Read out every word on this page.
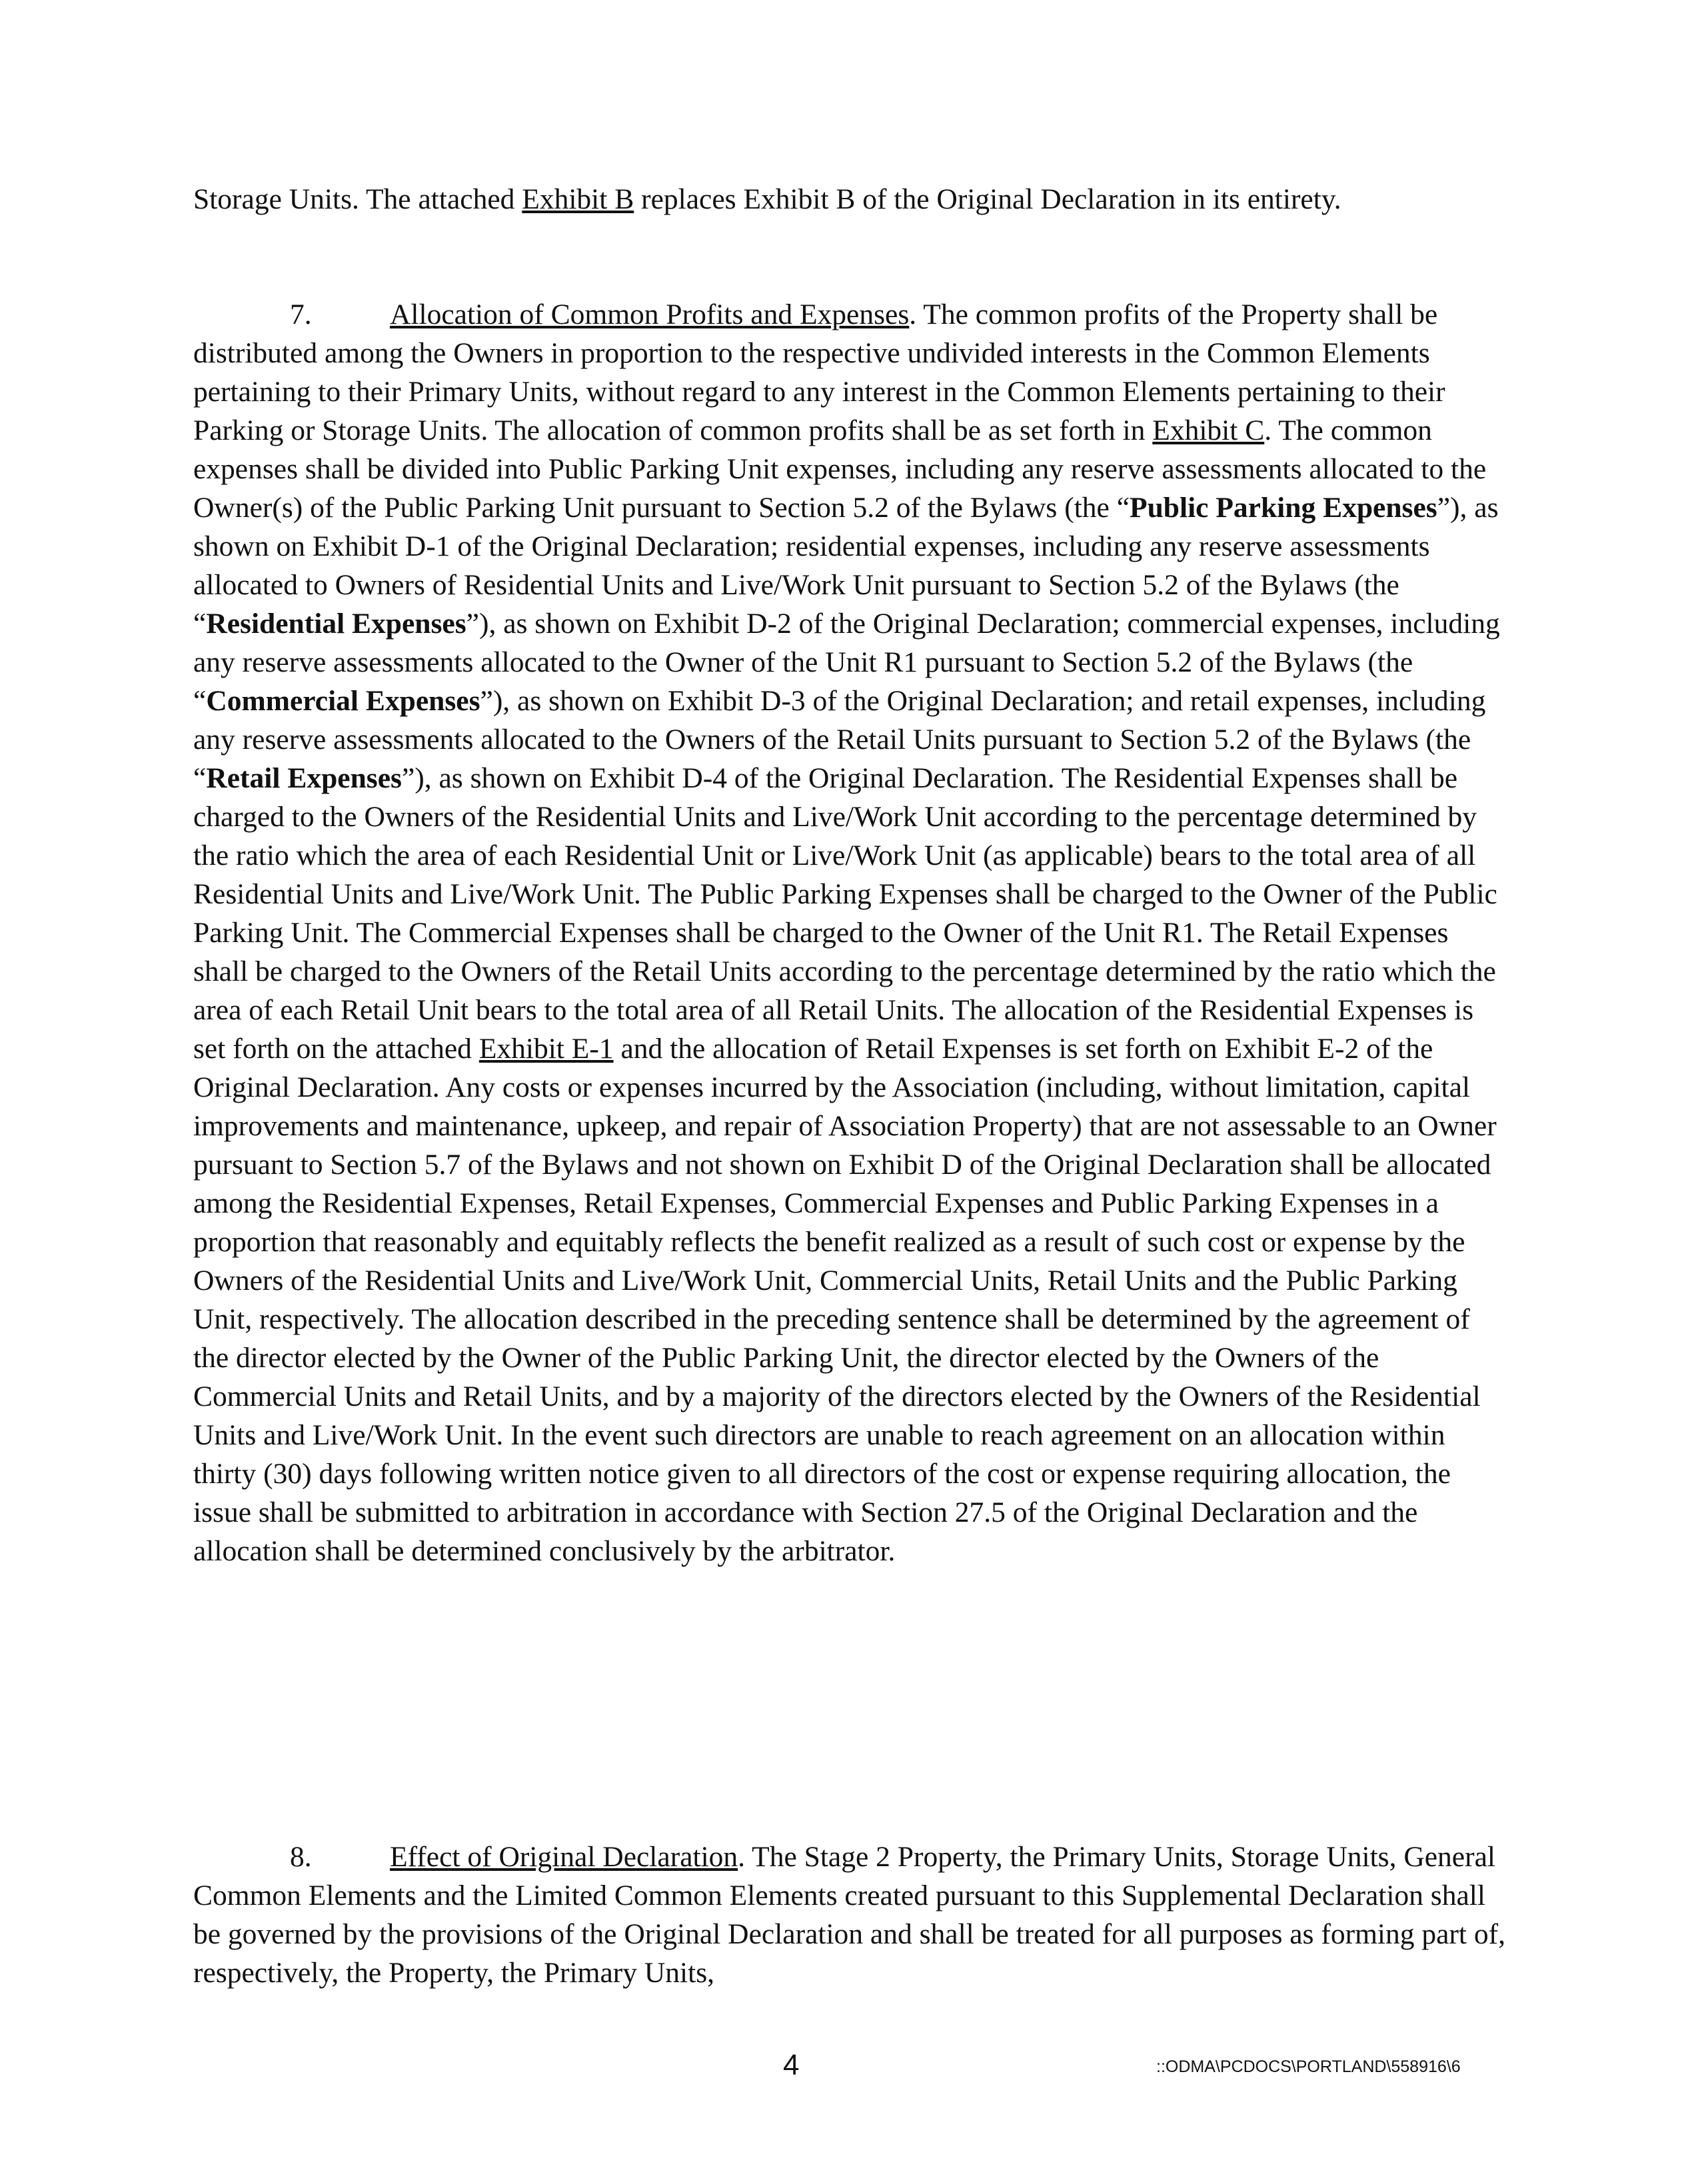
Storage Units. The attached Exhibit B replaces Exhibit B of the Original Declaration in its entirety.
7.	Allocation of Common Profits and Expenses. The common profits of the Property shall be distributed among the Owners in proportion to the respective undivided interests in the Common Elements pertaining to their Primary Units, without regard to any interest in the Common Elements pertaining to their Parking or Storage Units. The allocation of common profits shall be as set forth in Exhibit C. The common expenses shall be divided into Public Parking Unit expenses, including any reserve assessments allocated to the Owner(s) of the Public Parking Unit pursuant to Section 5.2 of the Bylaws (the “Public Parking Expenses”), as shown on Exhibit D-1 of the Original Declaration; residential expenses, including any reserve assessments allocated to Owners of Residential Units and Live/Work Unit pursuant to Section 5.2 of the Bylaws (the “Residential Expenses”), as shown on Exhibit D-2 of the Original Declaration; commercial expenses, including any reserve assessments allocated to the Owner of the Unit R1 pursuant to Section 5.2 of the Bylaws (the “Commercial Expenses”), as shown on Exhibit D-3 of the Original Declaration; and retail expenses, including any reserve assessments allocated to the Owners of the Retail Units pursuant to Section 5.2 of the Bylaws (the “Retail Expenses”), as shown on Exhibit D-4 of the Original Declaration. The Residential Expenses shall be charged to the Owners of the Residential Units and Live/Work Unit according to the percentage determined by the ratio which the area of each Residential Unit or Live/Work Unit (as applicable) bears to the total area of all Residential Units and Live/Work Unit. The Public Parking Expenses shall be charged to the Owner of the Public Parking Unit. The Commercial Expenses shall be charged to the Owner of the Unit R1. The Retail Expenses shall be charged to the Owners of the Retail Units according to the percentage determined by the ratio which the area of each Retail Unit bears to the total area of all Retail Units. The allocation of the Residential Expenses is set forth on the attached Exhibit E-1 and the allocation of Retail Expenses is set forth on Exhibit E-2 of the Original Declaration. Any costs or expenses incurred by the Association (including, without limitation, capital improvements and maintenance, upkeep, and repair of Association Property) that are not assessable to an Owner pursuant to Section 5.7 of the Bylaws and not shown on Exhibit D of the Original Declaration shall be allocated among the Residential Expenses, Retail Expenses, Commercial Expenses and Public Parking Expenses in a proportion that reasonably and equitably reflects the benefit realized as a result of such cost or expense by the Owners of the Residential Units and Live/Work Unit, Commercial Units, Retail Units and the Public Parking Unit, respectively. The allocation described in the preceding sentence shall be determined by the agreement of the director elected by the Owner of the Public Parking Unit, the director elected by the Owners of the Commercial Units and Retail Units, and by a majority of the directors elected by the Owners of the Residential Units and Live/Work Unit. In the event such directors are unable to reach agreement on an allocation within thirty (30) days following written notice given to all directors of the cost or expense requiring allocation, the issue shall be submitted to arbitration in accordance with Section 27.5 of the Original Declaration and the allocation shall be determined conclusively by the arbitrator.
8.	Effect of Original Declaration. The Stage 2 Property, the Primary Units, Storage Units, General Common Elements and the Limited Common Elements created pursuant to this Supplemental Declaration shall be governed by the provisions of the Original Declaration and shall be treated for all purposes as forming part of, respectively, the Property, the Primary Units,
4	::ODMA\PCDOCS\PORTLAND\558916\6
